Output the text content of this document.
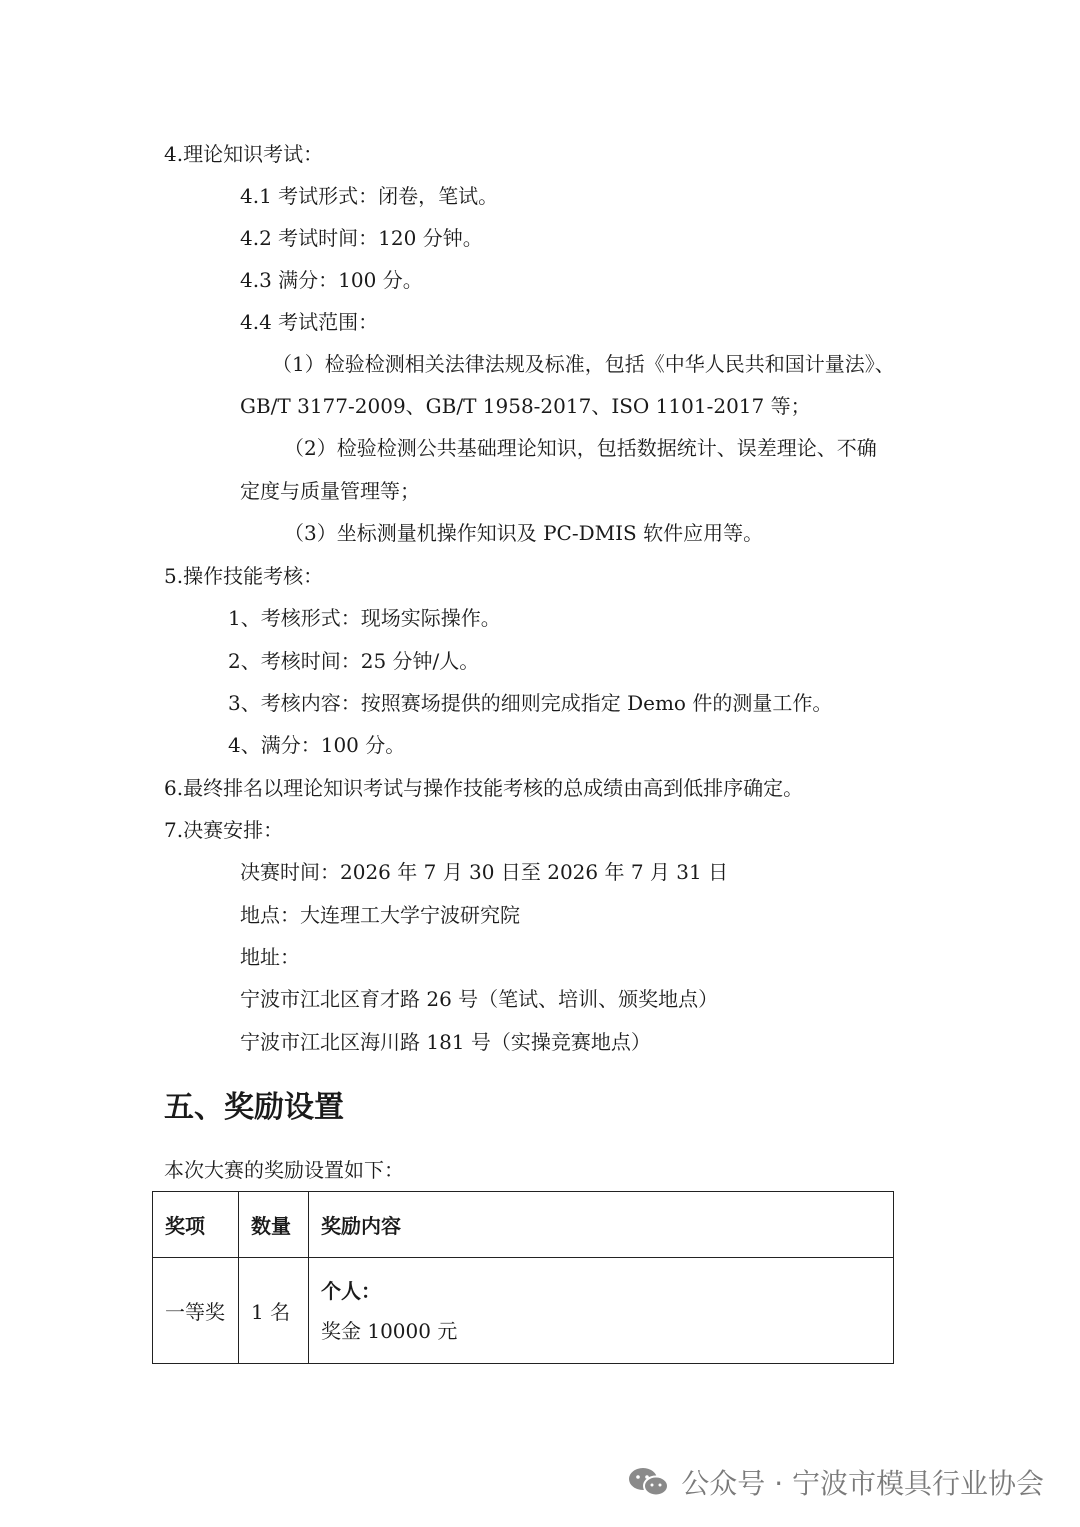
4.理论知识考试：
4.1 考试形式：闭卷，笔试。
4.2 考试时间：120 分钟。
4.3 满分：100 分。
4.4 考试范围：
（1）检验检测相关法律法规及标准，包括《中华人民共和国计量法》、
GB/T 3177-2009、GB/T 1958-2017、ISO 1101-2017 等；
（2）检验检测公共基础理论知识，包括数据统计、误差理论、不确
定度与质量管理等；
（3）坐标测量机操作知识及 PC-DMIS 软件应用等。
5.操作技能考核：
1、考核形式：现场实际操作。
2、考核时间：25 分钟/人。
3、考核内容：按照赛场提供的细则完成指定 Demo 件的测量工作。
4、满分：100 分。
6.最终排名以理论知识考试与操作技能考核的总成绩由高到低排序确定。
7.决赛安排：
决赛时间：2026 年 7 月 30 日至 2026 年 7 月 31 日
地点：大连理工大学宁波研究院
地址：
宁波市江北区育才路 26 号（笔试、培训、颁奖地点）
宁波市江北区海川路 181 号（实操竞赛地点）
五、奖励设置
本次大赛的奖励设置如下：
奖项	数量	奖励内容
一等奖	1 名	个人：
奖金 10000 元
公众号 · 宁波市模具行业协会
